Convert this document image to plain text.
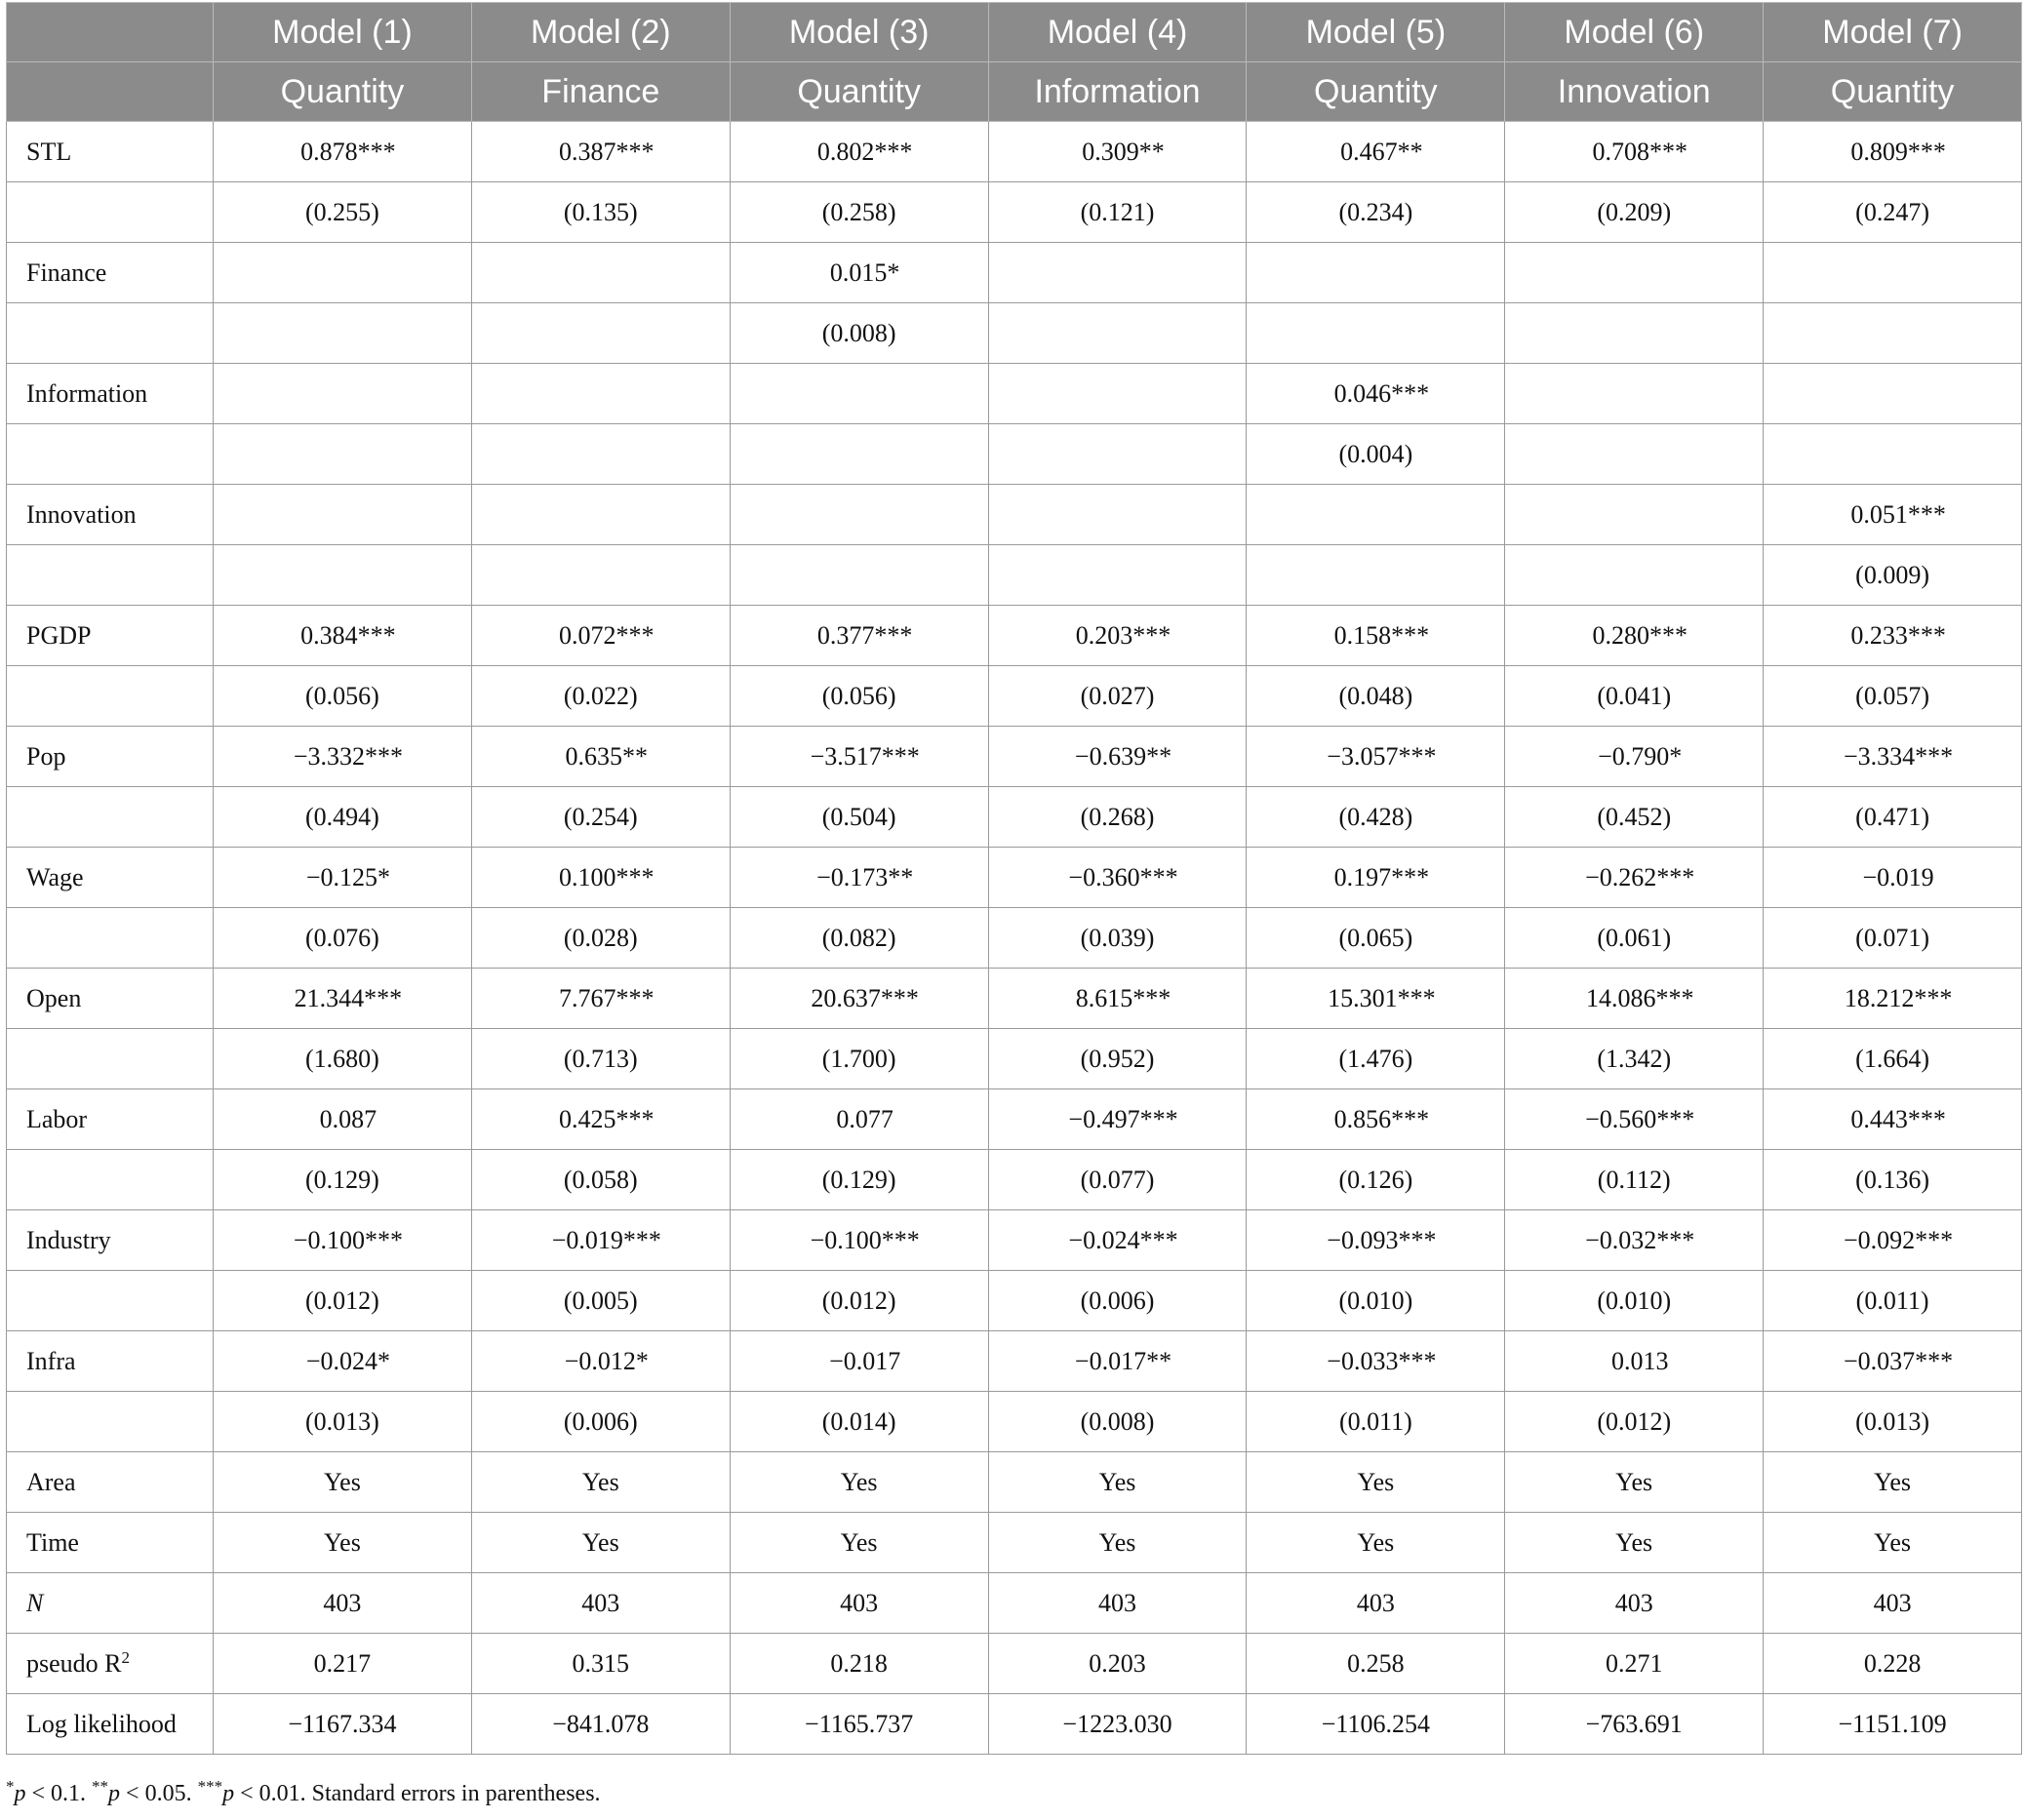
	Model (1)	Model (2)	Model (3)	Model (4)	Model (5)	Model (6)	Model (7)
	Quantity	Finance	Quantity	Information	Quantity	Innovation	Quantity
STL	0.878***	0.387***	0.802***	0.309**	0.467**	0.708***	0.809***
	(0.255)	(0.135)	(0.258)	(0.121)	(0.234)	(0.209)	(0.247)
Finance			0.015*				
			(0.008)				
Information					0.046***		
					(0.004)		
Innovation							0.051***
							(0.009)
PGDP	0.384***	0.072***	0.377***	0.203***	0.158***	0.280***	0.233***
	(0.056)	(0.022)	(0.056)	(0.027)	(0.048)	(0.041)	(0.057)
Pop	−3.332***	0.635**	−3.517***	−0.639**	−3.057***	−0.790*	−3.334***
	(0.494)	(0.254)	(0.504)	(0.268)	(0.428)	(0.452)	(0.471)
Wage	−0.125*	0.100***	−0.173**	−0.360***	0.197***	−0.262***	−0.019
	(0.076)	(0.028)	(0.082)	(0.039)	(0.065)	(0.061)	(0.071)
Open	21.344***	7.767***	20.637***	8.615***	15.301***	14.086***	18.212***
	(1.680)	(0.713)	(1.700)	(0.952)	(1.476)	(1.342)	(1.664)
Labor	0.087	0.425***	0.077	−0.497***	0.856***	−0.560***	0.443***
	(0.129)	(0.058)	(0.129)	(0.077)	(0.126)	(0.112)	(0.136)
Industry	−0.100***	−0.019***	−0.100***	−0.024***	−0.093***	−0.032***	−0.092***
	(0.012)	(0.005)	(0.012)	(0.006)	(0.010)	(0.010)	(0.011)
Infra	−0.024*	−0.012*	−0.017	−0.017**	−0.033***	0.013	−0.037***
	(0.013)	(0.006)	(0.014)	(0.008)	(0.011)	(0.012)	(0.013)
Area	Yes	Yes	Yes	Yes	Yes	Yes	Yes
Time	Yes	Yes	Yes	Yes	Yes	Yes	Yes
N	403	403	403	403	403	403	403
pseudo $R^2$	0.217	0.315	0.218	0.203	0.258	0.271	0.228
Log likelihood	−1167.334	−841.078	−1165.737	−1223.030	−1106.254	−763.691	−1151.109
*p < 0.1. **p < 0.05. ***p < 0.01. Standard errors in parentheses.
